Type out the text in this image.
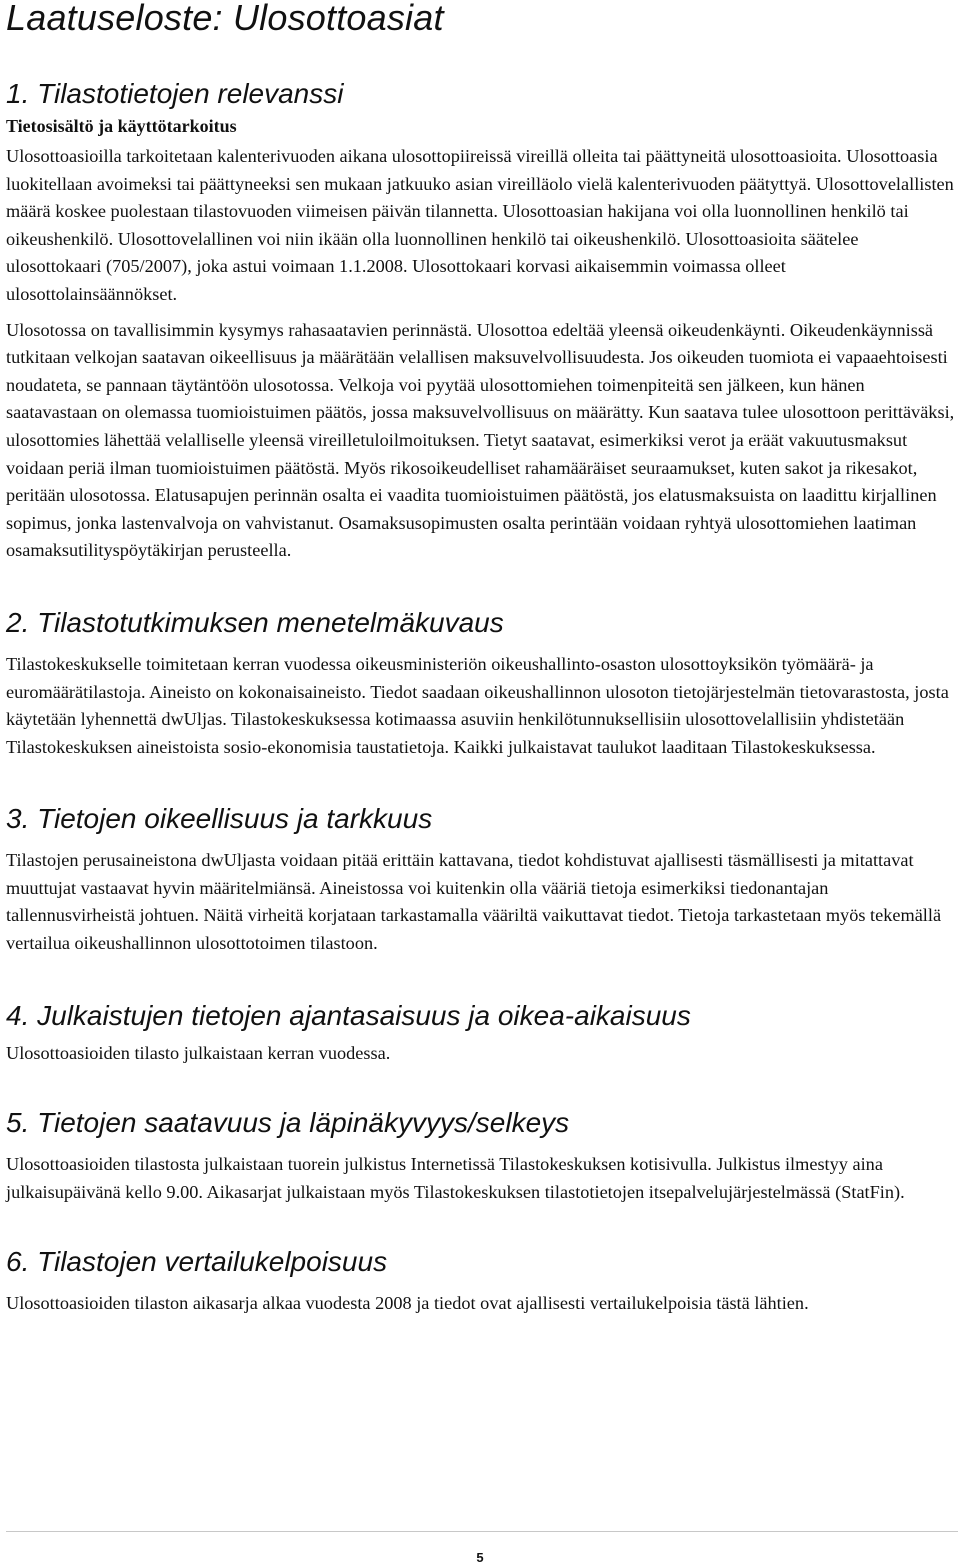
Laatuseloste: Ulosottoasiat
1. Tilastotietojen relevanssi
Tietosisältö ja käyttötarkoitus

Ulosottoasioilla tarkoitetaan kalenterivuoden aikana ulosottopiireissä vireillä olleita tai päättyneitä ulosottoasioita. Ulosottoasia luokitellaan avoimeksi tai päättyneeksi sen mukaan jatkuuko asian vireilläolo vielä kalenterivuoden päätyttyä. Ulosottovelallisten määrä koskee puolestaan tilastovuoden viimeisen päivän tilannetta. Ulosottoasian hakijana voi olla luonnollinen henkilö tai oikeushenkilö. Ulosottovelallinen voi niin ikään olla luonnollinen henkilö tai oikeushenkilö. Ulosottoasioita säätelee ulosottokaari (705/2007), joka astui voimaan 1.1.2008. Ulosottokaari korvasi aikaisemmin voimassa olleet ulosottolainsäännökset.

Ulosotossa on tavallisimmin kysymys rahasaatavien perinnästä. Ulosottoa edeltää yleensä oikeudenkäynti. Oikeudenkäynnissä tutkitaan velkojan saatavan oikeellisuus ja määrätään velallisen maksuvelvollisuudesta. Jos oikeuden tuomiota ei vapaaehtoisesti noudateta, se pannaan täytäntöön ulosotossa. Velkoja voi pyytää ulosottomiehen toimenpiteitä sen jälkeen, kun hänen saatavastaan on olemassa tuomioistuimen päätös, jossa maksuvelvollisuus on määrätty. Kun saatava tulee ulosottoon perittäväksi, ulosottomies lähettää velalliselle yleensä vireilletuloilmoituksen. Tietyt saatavat, esimerkiksi verot ja eräät vakuutusmaksut voidaan periä ilman tuomioistuimen päätöstä. Myös rikosoikeudelliset rahamääräiset seuraamukset, kuten sakot ja rikesakot, peritään ulosotossa. Elatusapujen perinnän osalta ei vaadita tuomioistuimen päätöstä, jos elatusmaksuista on laadittu kirjallinen sopimus, jonka lastenvalvoja on vahvistanut. Osamaksusopimusten osalta perintään voidaan ryhtyä ulosottomiehen laatiman osamaksutilityspöytäkirjan perusteella.

2. Tilastotutkimuksen menetelmäkuvaus

Tilastokeskukselle toimitetaan kerran vuodessa oikeusministeriön oikeushallinto-osaston ulosottoyksikön työmäärä- ja euromäärätilastoja. Aineisto on kokonaisaineisto. Tiedot saadaan oikeushallinnon ulosoton tietojärjestelmän tietovarastosta, josta käytetään lyhennettä dwUljas. Tilastokeskuksessa kotimaassa asuviin henkilötunnuksellisiin ulosottovelallisiin yhdistetään Tilastokeskuksen aineistoista sosio-ekonomisia taustatietoja. Kaikki julkaistavat taulukot laaditaan Tilastokeskuksessa.

3. Tietojen oikeellisuus ja tarkkuus

Tilastojen perusaineistona dwUljasta voidaan pitää erittäin kattavana, tiedot kohdistuvat ajallisesti täsmällisesti ja mitattavat muuttujat vastaavat hyvin määritelmiänsä. Aineistossa voi kuitenkin olla vääriä tietoja esimerkiksi tiedonantajan tallennusvirheistä johtuen. Näitä virheitä korjataan tarkastamalla vääriltä vaikuttavat tiedot. Tietoja tarkastetaan myös tekemällä vertailua oikeushallinnon ulosottotoimen tilastoon.

4. Julkaistujen tietojen ajantasaisuus ja oikea-aikaisuus

Ulosottoasioiden tilasto julkaistaan kerran vuodessa.

5. Tietojen saatavuus ja läpinäkyvyys/selkeys

Ulosottoasioiden tilastosta julkaistaan tuorein julkistus Internetissä Tilastokeskuksen kotisivulla. Julkistus ilmestyy aina julkaisupäivänä kello 9.00. Aikasarjat julkaistaan myös Tilastokeskuksen tilastotietojen itsepalvelujärjestelmässä (StatFin).

6. Tilastojen vertailukelpoisuus

Ulosottoasioiden tilaston aikasarja alkaa vuodesta 2008 ja tiedot ovat ajallisesti vertailukelpoisia tästä lähtien.

5
